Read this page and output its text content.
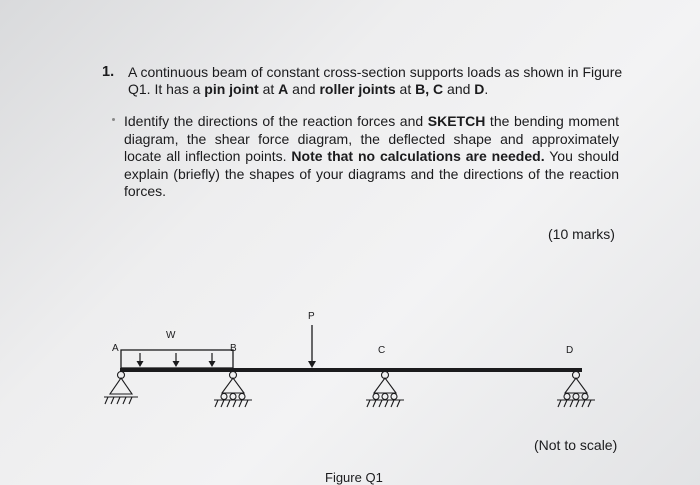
1. A continuous beam of constant cross-section supports loads as shown in Figure Q1. It has a pin joint at A and roller joints at B, C and D.
Identify the directions of the reaction forces and SKETCH the bending moment diagram, the shear force diagram, the deflected shape and approximately locate all inflection points. Note that no calculations are needed. You should explain (briefly) the shapes of your diagrams and the directions of the reaction forces.
(10 marks)
W
P
A	B	C	D
(Not to scale)
Figure Q1
